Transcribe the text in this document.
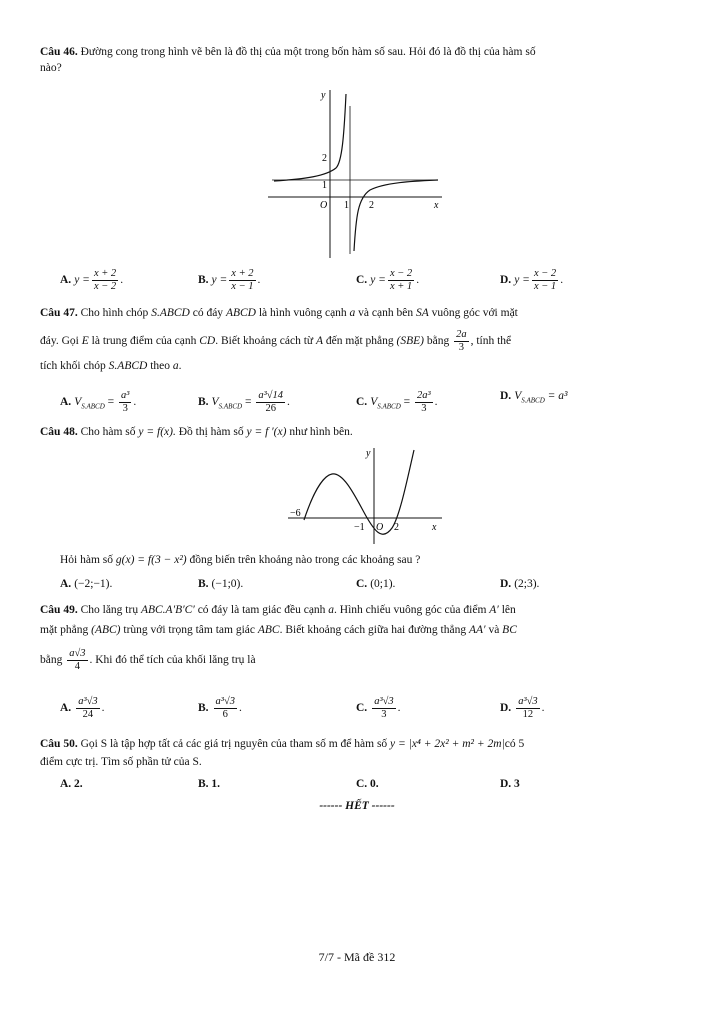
Câu 46. Đường cong trong hình vẽ bên là đồ thị của một trong bốn hàm số sau. Hỏi đó là đồ thị của hàm số
nào?
y
x
O
2
1
1 2
A. $y = \frac{x + 2}{x - 2}$ .	B. $y = \frac{x + 2}{x - 1}$ .	C. $y = \frac{x - 2}{x + 1}$ .	D. $y = \frac{x - 2}{x - 1}$ .
Câu 47. Cho hình chóp S.ABCD có đáy ABCD là hình vuông cạnh a và cạnh bên SA vuông góc với mặt
đáy. Gọi E là trung điểm của cạnh CD. Biết khoảng cách từ A đến mặt phẳng (SBE) bằng $\frac{2a}{3}$ , tính thể
tích khối chóp S.ABCD theo a.
A. $V_{S.ABCD} = \frac{\text{a³}}{3}$ .	B. $V_{S.ABCD} = \frac{\text{a³√14}}{26}$ .	C. $V_{S.ABCD} = \frac{\text{2a³}}{3}$ .
D. $V_{S.ABCD} = a^3$
Câu 48. Cho hàm số y = f(x). Đồ thị hàm số y = f ′(x) như hình bên.
y
x
O
−6
−1	2
Hỏi hàm số g(x) = f(3 − x²) đồng biến trên khoảng nào trong các khoảng sau ?
A. (−2;−1).	B. (−1;0).	C. (0;1).	D. (2;3).
Câu 49. Cho lăng trụ ABC.A′B′C′ có đáy là tam giác đều cạnh a. Hình chiếu vuông góc của điểm A′ lên
mặt phẳng (ABC) trùng với trọng tâm tam giác ABC. Biết khoảng cách giữa hai đường thẳng AA′ và BC
bằng $\frac{a√3}{4}$ . Khi đó thể tích của khối lăng trụ là
A. $\frac{\text{a³√3}}{24}$ .	B. $\frac{\text{a³√3}}{6}$ .	C. $\frac{\text{a³√3}}{3}$ .	D. $\frac{\text{a³√3}}{12}$ .
Câu 50. Gọi S là tập hợp tất cả các giá trị nguyên của tham số m để hàm số y = |x⁴ + 2x² + m² + 2m|có 5
điểm cực trị. Tìm số phần tử của S.
A. 2.	B. 1.	C. 0.	D. 3
------ HẾT ------
7/7 - Mã đề 312
